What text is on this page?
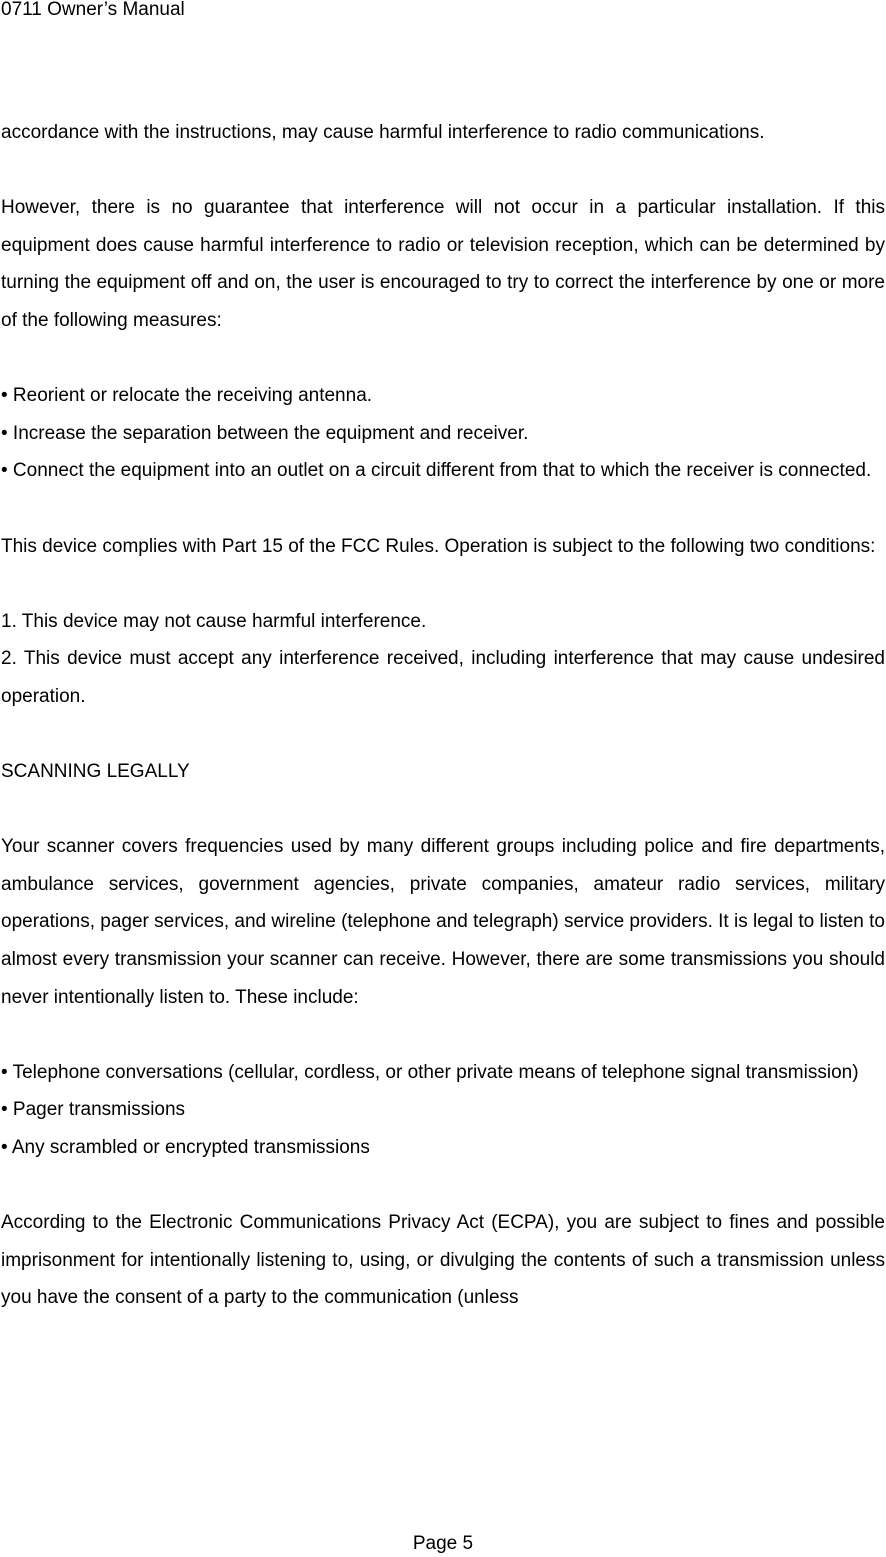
0711 Owner’s Manual

accordance with the instructions, may cause harmful interference to radio communications.

However, there is no guarantee that interference will not occur in a particular installation. If this equipment does cause harmful interference to radio or television reception, which can be determined by turning the equipment off and on, the user is encouraged to try to correct the interference by one or more of the following measures:

• Reorient or relocate the receiving antenna.

• Increase the separation between the equipment and receiver.

• Connect the equipment into an outlet on a circuit different from that to which the receiver is connected.

This device complies with Part 15 of the FCC Rules. Operation is subject to the following two conditions:

1. This device may not cause harmful interference.

2. This device must accept any interference received, including interference that may cause undesired operation.

SCANNING LEGALLY

Your scanner covers frequencies used by many different groups including police and fire departments, ambulance services, government agencies, private companies, amateur radio services, military operations, pager services, and wireline (telephone and telegraph) service providers. It is legal to listen to almost every transmission your scanner can receive. However, there are some transmissions you should never intentionally listen to. These include:

• Telephone conversations (cellular, cordless, or other private means of telephone signal transmission)

• Pager transmissions

• Any scrambled or encrypted transmissions

According to the Electronic Communications Privacy Act (ECPA), you are subject to fines and possible imprisonment for intentionally listening to, using, or divulging the contents of such a transmission unless you have the consent of a party to the communication (unless

Page 5
